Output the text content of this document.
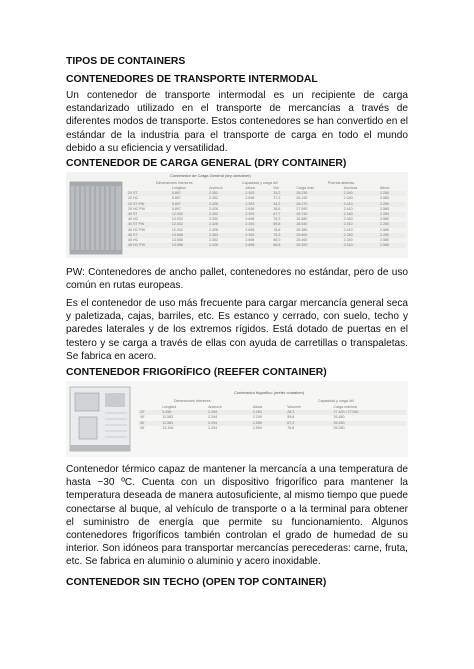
TIPOS DE CONTAINERS
CONTENEDORES DE TRANSPORTE INTERMODAL

Un contenedor de transporte intermodal es un recipiente de carga estandarizado utilizado en el transporte de mercancías a través de diferentes modos de transporte. Estos contenedores se han convertido en el estándar de la industria para el transporte de carga en todo el mundo debido a su eficiencia y versatilidad.

CONTENEDOR DE CARGA GENERAL (DRY CONTAINER)
Contenedor de Carga General (dry container)
Dimensiones interiores	Capacidad y carga útil	Puertas abiertas
	Longitud	Anchura	Altura	Vol.	Carga máx.	Anchura	Altura
20 ST	5.897	2.352	2.393	33,2	28.230	2.340	2.280
20 HC	5.897	2.352	2.698	37,3	28.190	2.340	2.585
20 ST PW	5.897	2.426	2.393	34,2	28.070	2.410	2.280
20 HC PW	5.897	2.426	2.698	38,6	27.990	2.410	2.585
40 ST	12.032	2.352	2.393	67,7	26.740	2.340	2.280
40 HC	12.032	2.352	2.698	76,3	26.580	2.340	2.585
40 ST PW	12.032	2.426	2.393	69,8	26.540	2.410	2.280
40 HC PW	12.032	2.426	2.698	78,8	26.380	2.410	2.585
45 ST	13.556	2.352	2.393	76,3	25.600	2.340	2.280
45 HC	13.556	2.352	2.698	86,0	25.460	2.340	2.585
45 HC PW	13.556	2.426	2.698	88,8	25.320	2.410	2.585

PW: Contenedores de ancho pallet, contenedores no estándar, pero de uso común en rutas europeas.

Es el contenedor de uso más frecuente para cargar mercancía general seca y paletizada, cajas, barriles, etc. Es estanco y cerrado, con suelo, techo y paredes laterales y de los extremos rígidos. Está dotado de puertas en el testero y se carga a través de ellas con ayuda de carretillas o transpaletas. Se fabrica en acero.

CONTENEDOR FRIGORÍFICO (REEFER CONTAINER)
Contenedor frigorífico (reefer container)
Dimensiones interiores	Capacidad y carga útil
	Longitud	Anchura	Altura	Volumen	Carga máxima
20'	5.456	2.294	2.263	28,3	27.400 / 27.530
40'	11.583	2.294	2.249	59,8	26.480
40'	11.583	2.294	2.556	67,9	26.480
45'	13.106	2.294	2.554	76,8	26.280

Contenedor térmico capaz de mantener la mercancía a una temperatura de hasta −30 ºC. Cuenta con un dispositivo frigorífico para mantener la temperatura deseada de manera autosuficiente, al mismo tiempo que puede conectarse al buque, al vehículo de transporte o a la terminal para obtener el suministro de energía que permite su funcionamiento. Algunos contenedores frigoríficos también controlan el grado de humedad de su interior. Son idóneos para transportar mercancías perecederas: carne, fruta, etc. Se fabrica en aluminio o aluminio y acero inoxidable.

CONTENEDOR SIN TECHO (OPEN TOP CONTAINER)
